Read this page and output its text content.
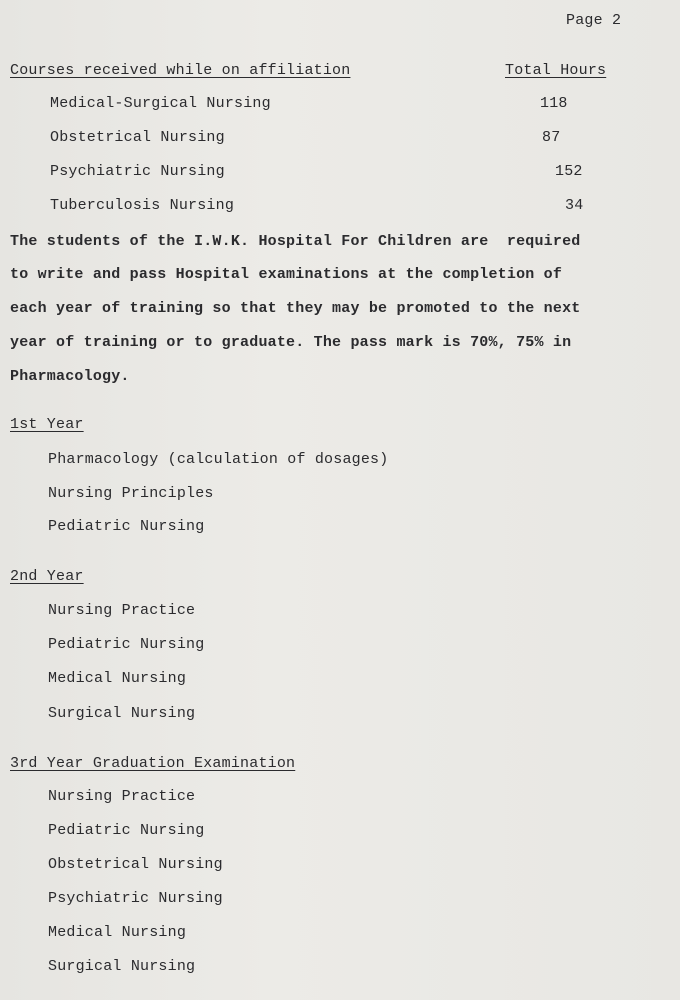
Page 2
Courses received while on affiliation	Total Hours
Medical-Surgical Nursing	118
Obstetrical Nursing	87
Psychiatric Nursing	152
Tuberculosis Nursing	34
The students of the I.W.K. Hospital For Children are  required
to write and pass Hospital examinations at the completion of
each year of training so that they may be promoted to the next
year of training or to graduate. The pass mark is 70%, 75% in
Pharmacology.
1st Year
Pharmacology (calculation of dosages)
Nursing Principles
Pediatric Nursing
2nd Year
Nursing Practice
Pediatric Nursing
Medical Nursing
Surgical Nursing
3rd Year Graduation Examination
Nursing Practice
Pediatric Nursing
Obstetrical Nursing
Psychiatric Nursing
Medical Nursing
Surgical Nursing
